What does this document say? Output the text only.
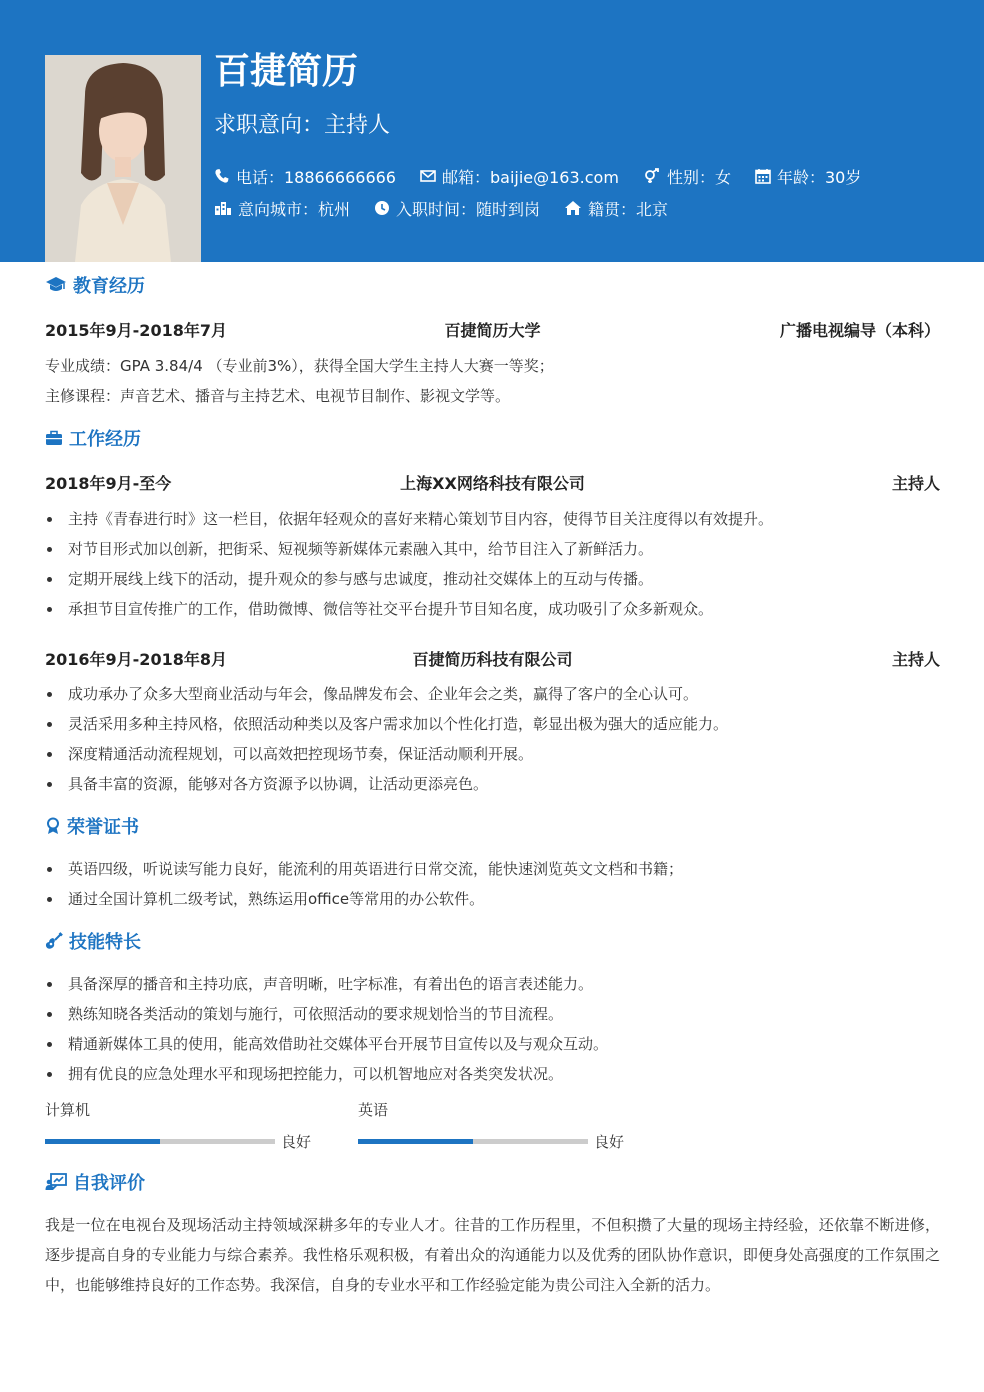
百捷简历
求职意向：主持人
电话：18866666666	邮箱：baijie@163.com	性别：女	年龄：30岁
意向城市：杭州	入职时间：随时到岗	籍贯：北京
教育经历
2015年9月-2018年7月	百捷简历大学	广播电视编导（本科）
专业成绩：GPA 3.84/4 （专业前3%），获得全国大学生主持人大赛一等奖；
主修课程：声音艺术、播音与主持艺术、电视节目制作、影视文学等。
工作经历
2018年9月-至今	上海XX网络科技有限公司	主持人
主持《青春进行时》这一栏目，依据年轻观众的喜好来精心策划节目内容，使得节目关注度得以有效提升。
对节目形式加以创新，把街采、短视频等新媒体元素融入其中，给节目注入了新鲜活力。
定期开展线上线下的活动，提升观众的参与感与忠诚度，推动社交媒体上的互动与传播。
承担节目宣传推广的工作，借助微博、微信等社交平台提升节目知名度，成功吸引了众多新观众。
2016年9月-2018年8月	百捷简历科技有限公司	主持人
成功承办了众多大型商业活动与年会，像品牌发布会、企业年会之类，赢得了客户的全心认可。
灵活采用多种主持风格，依照活动种类以及客户需求加以个性化打造，彰显出极为强大的适应能力。
深度精通活动流程规划，可以高效把控现场节奏，保证活动顺利开展。
具备丰富的资源，能够对各方资源予以协调，让活动更添亮色。
荣誉证书
英语四级，听说读写能力良好，能流利的用英语进行日常交流，能快速浏览英文文档和书籍；
通过全国计算机二级考试，熟练运用office等常用的办公软件。
技能特长
具备深厚的播音和主持功底，声音明晰，吐字标准，有着出色的语言表述能力。
熟练知晓各类活动的策划与施行，可依照活动的要求规划恰当的节目流程。
精通新媒体工具的使用，能高效借助社交媒体平台开展节目宣传以及与观众互动。
拥有优良的应急处理水平和现场把控能力，可以机智地应对各类突发状况。
计算机
良好
英语
良好
自我评价
我是一位在电视台及现场活动主持领域深耕多年的专业人才。往昔的工作历程里，不但积攒了大量的现场主持经验，还依靠不断进修，逐步提高自身的专业能力与综合素养。我性格乐观积极，有着出众的沟通能力以及优秀的团队协作意识，即便身处高强度的工作氛围之中，也能够维持良好的工作态势。我深信，自身的专业水平和工作经验定能为贵公司注入全新的活力。
